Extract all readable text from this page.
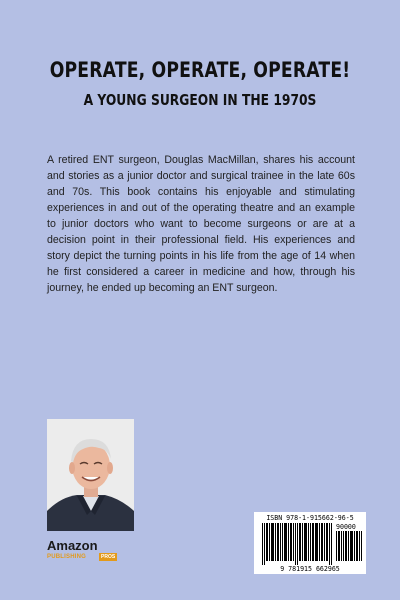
OPERATE, OPERATE, OPERATE!
A YOUNG SURGEON IN THE 1970S

A retired ENT surgeon, Douglas MacMillan, shares his account and stories as a junior doctor and surgical trainee in the late 60s and 70s. This book contains his enjoyable and stimulating experiences in and out of the operating theatre and an example to junior doctors who want to become surgeons or are at a decision point in their professional field. His experiences and story depict the turning points in his life from the age of 14 when he first considered a career in medicine and how, through his journey, he ended up becoming an ENT surgeon.

Amazon
PUBLISHING	PROS
ISBN 978-1-915662-96-5
90000
9 781915 662965
